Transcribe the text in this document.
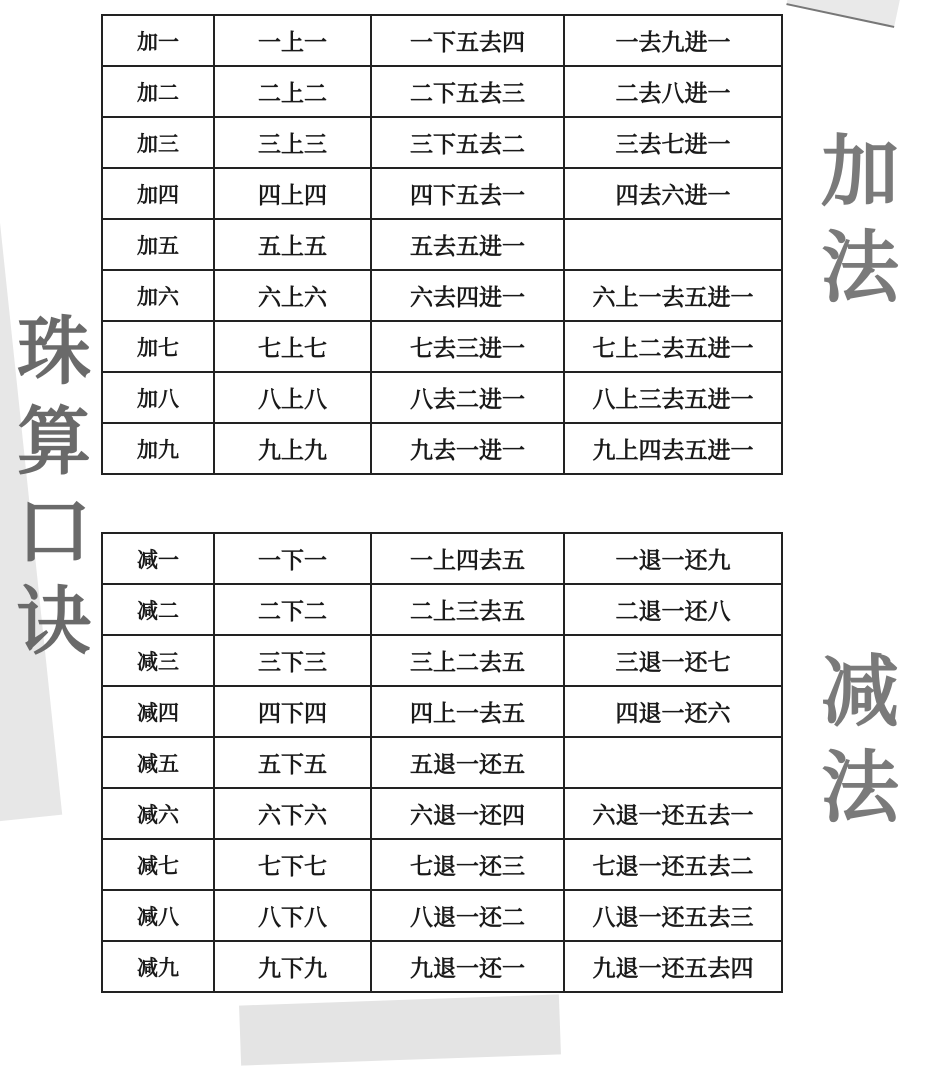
珠算口诀
加法
减法
加一	一上一	一下五去四	一去九进一
加二	二上二	二下五去三	二去八进一
加三	三上三	三下五去二	三去七进一
加四	四上四	四下五去一	四去六进一
加五	五上五	五去五进一	
加六	六上六	六去四进一	六上一去五进一
加七	七上七	七去三进一	七上二去五进一
加八	八上八	八去二进一	八上三去五进一
加九	九上九	九去一进一	九上四去五进一
减一	一下一	一上四去五	一退一还九
减二	二下二	二上三去五	二退一还八
减三	三下三	三上二去五	三退一还七
减四	四下四	四上一去五	四退一还六
减五	五下五	五退一还五	
减六	六下六	六退一还四	六退一还五去一
减七	七下七	七退一还三	七退一还五去二
减八	八下八	八退一还二	八退一还五去三
减九	九下九	九退一还一	九退一还五去四
